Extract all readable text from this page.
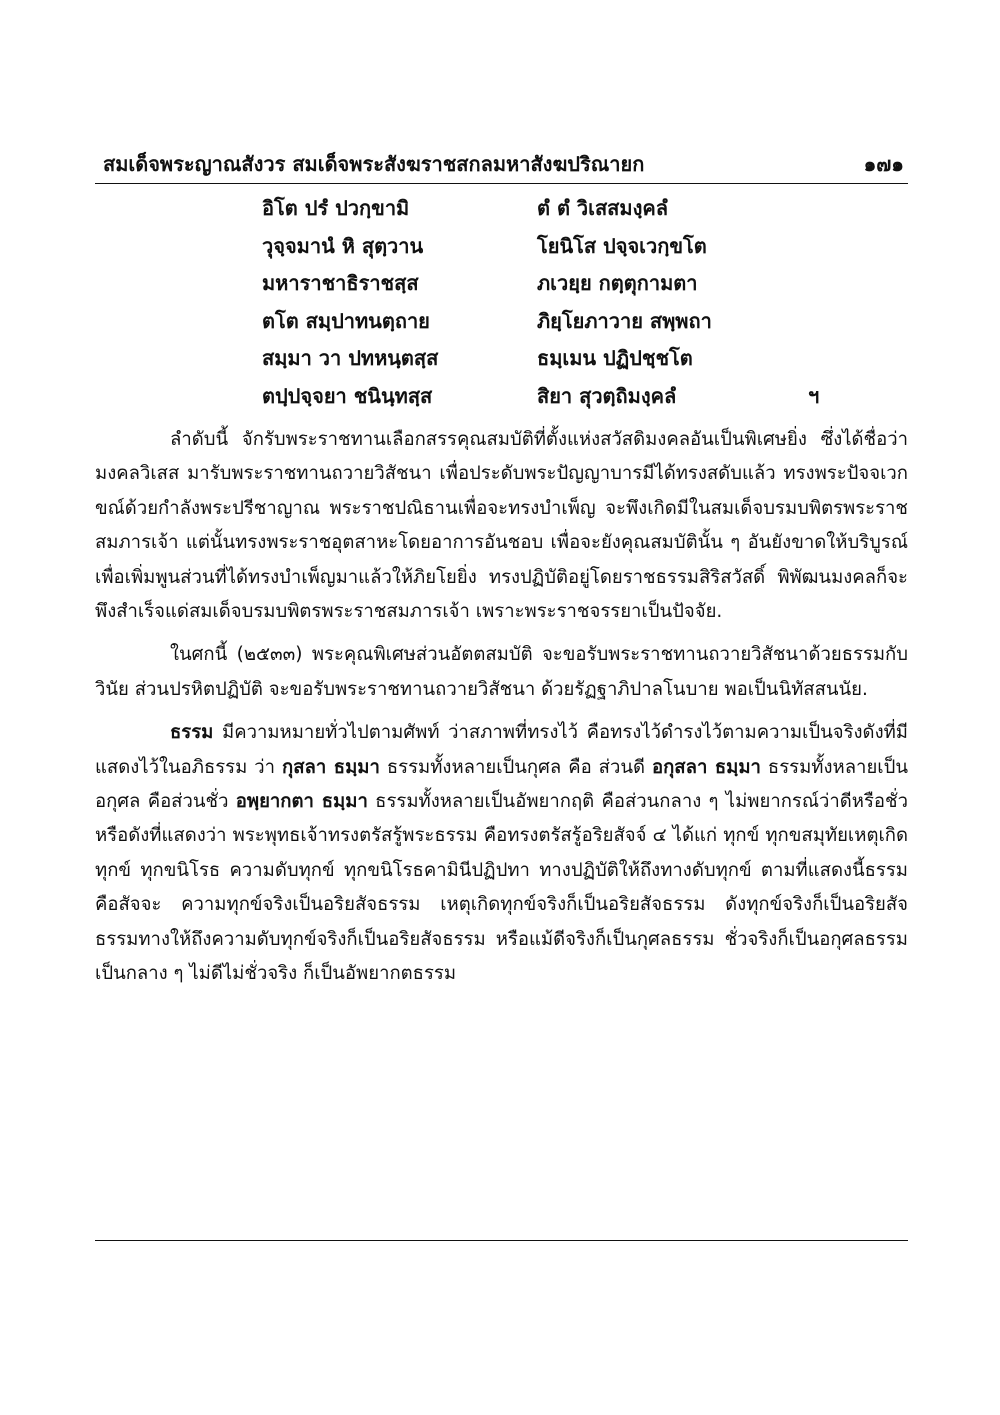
สมเด็จพระญาณสังวร สมเด็จพระสังฆราชสกลมหาสังฆปริณายก	๑๗๑
อิโต ปรํ ปวกฺขามิ	ตํ ตํ วิเสสมงฺคลํ
วุจฺจมานํ หิ สุตฺวาน	โยนิโส ปจฺจเวกฺขโต
มหาราชาธิราชสฺส	ภเวยฺย กตฺตุกามตา
ตโต สมฺปาทนตฺถาย	ภิยฺโยภาวาย สพฺพถา
สมฺมา วา ปทหนฺตสฺส	ธมฺเมน ปฏิปชฺชโต
ตปฺปจฺจยา ชนินฺทสฺส	สิยา สุวตฺถิมงฺคลํ	ฯ

ลำดับนี้ จักรับพระราชทานเลือกสรรคุณสมบัติที่ตั้งแห่งสวัสดิมงคลอันเป็นพิเศษยิ่ง ซึ่งได้ชื่อว่ามงคลวิเสส มารับพระราชทานถวายวิสัชนา เพื่อประดับพระปัญญาบารมีได้ทรงสดับแล้ว ทรงพระปัจจเวกขณ์ด้วยกำลังพระปรีชาญาณ พระราชปณิธานเพื่อจะทรงบำเพ็ญ จะพึงเกิดมีในสมเด็จบรมบพิตรพระราชสมภารเจ้า แต่นั้นทรงพระราชอุตสาหะโดยอาการอันชอบ เพื่อจะยังคุณสมบัตินั้น ๆ อันยังขาดให้บริบูรณ์ เพื่อเพิ่มพูนส่วนที่ได้ทรงบำเพ็ญมาแล้วให้ภิยโยยิ่ง ทรงปฏิบัติอยู่โดยราชธรรมสิริสวัสดิ์ พิพัฒนมงคลก็จะพึงสำเร็จแด่สมเด็จบรมบพิตรพระราชสมภารเจ้า เพราะพระราชจรรยาเป็นปัจจัย.

ในศกนี้ (๒๕๓๓) พระคุณพิเศษส่วนอัตตสมบัติ จะขอรับพระราชทานถวายวิสัชนาด้วยธรรมกับวินัย ส่วนปรหิตปฏิบัติ จะขอรับพระราชทานถวายวิสัชนา ด้วยรัฏฐาภิปาลโนบาย พอเป็นนิทัสสนนัย.

ธรรม มีความหมายทั่วไปตามศัพท์ ว่าสภาพที่ทรงไว้ คือทรงไว้ดำรงไว้ตามความเป็นจริงดังที่มีแสดงไว้ในอภิธรรม ว่า กุสลา ธมฺมา ธรรมทั้งหลายเป็นกุศล คือ ส่วนดี อกุสลา ธมฺมา ธรรมทั้งหลายเป็นอกุศล คือส่วนชั่ว อพฺยากตา ธมฺมา ธรรมทั้งหลายเป็นอัพยากฤติ คือส่วนกลาง ๆ ไม่พยากรณ์ว่าดีหรือชั่ว หรือดังที่แสดงว่า พระพุทธเจ้าทรงตรัสรู้พระธรรม คือทรงตรัสรู้อริยสัจจ์ ๔ ได้แก่ ทุกข์ ทุกขสมุทัยเหตุเกิด ทุกข์ ทุกขนิโรธ ความดับทุกข์ ทุกขนิโรธคามินีปฏิปทา ทางปฏิบัติให้ถึงทางดับทุกข์ ตามที่แสดงนี้ธรรม คือสัจจะ ความทุกข์จริงเป็นอริยสัจธรรม เหตุเกิดทุกข์จริงก็เป็นอริยสัจธรรม ดังทุกข์จริงก็เป็นอริยสัจธรรมทางให้ถึงความดับทุกข์จริงก็เป็นอริยสัจธรรม หรือแม้ดีจริงก็เป็นกุศลธรรม ชั่วจริงก็เป็นอกุศลธรรม เป็นกลาง ๆ ไม่ดีไม่ชั่วจริง ก็เป็นอัพยากตธรรม
